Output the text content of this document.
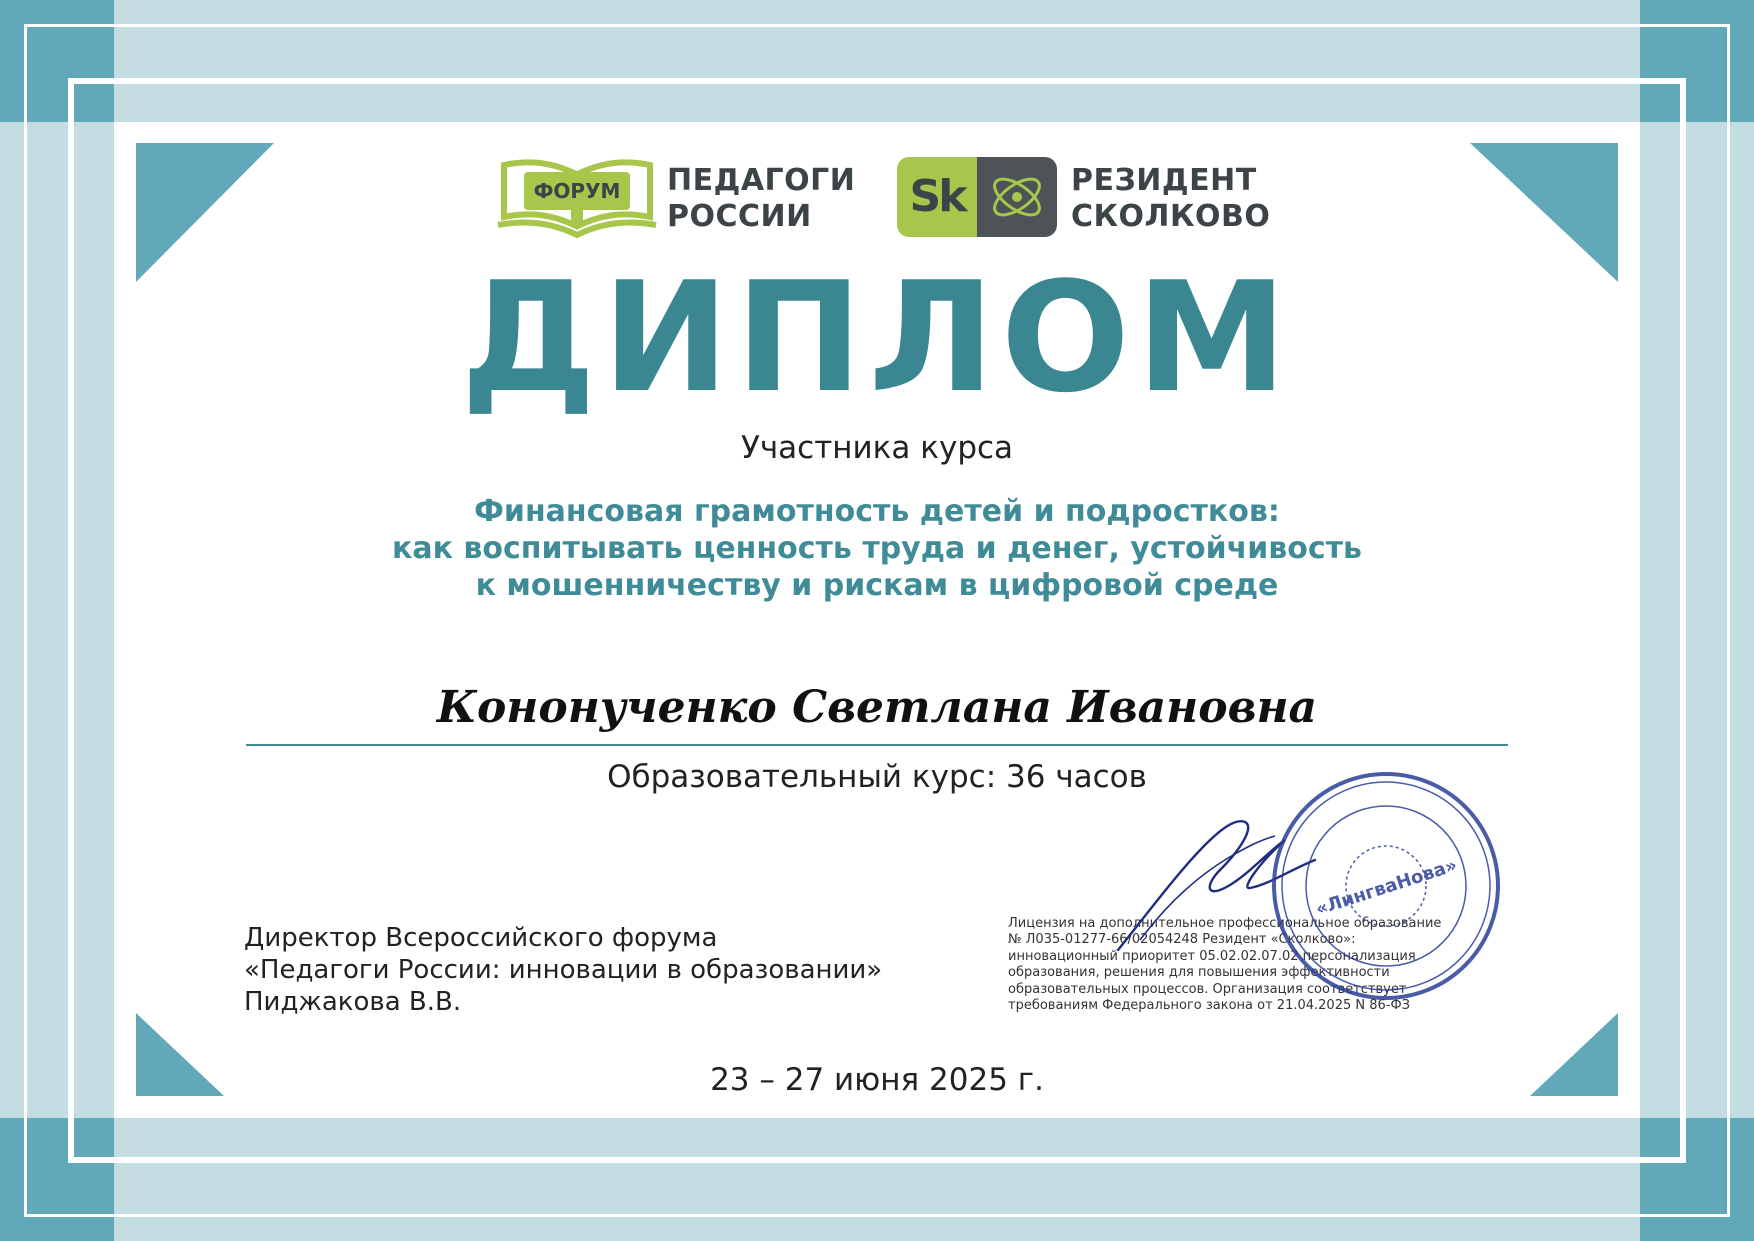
ФОРУМ	ПЕДАГОГИ
РОССИИ Sk	РЕЗИДЕНТ
СКОЛКОВО
ДИПЛОМ
Участника курса
Финансовая грамотность детей и подростков:
как воспитывать ценность труда и денег, устойчивость
к мошенничеству и рискам в цифровой среде
Кононученко Светлана Ивановна
Образовательный курс: 36 часов
Директор Всероссийского форума
«Педагоги России: инновации в образовании»
Пиджакова В.В.

Лицензия на дополнительное профессиональное образование

№ Л035-01277-66/02054248 Резидент «Сколково»:

инновационный приоритет 05.02.02.07.02 персонализация

образования, решения для повышения эффективности

образовательных процессов. Организация соответствует

требованиям Федерального закона от 21.04.2025 N 86-ФЗ

«ЛингваНова»
23 – 27 июня 2025 г.
